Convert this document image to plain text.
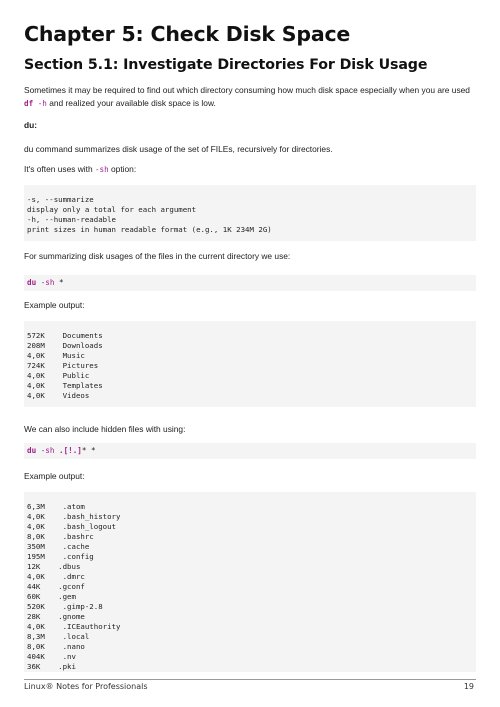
Chapter 5: Check Disk Space
Section 5.1: Investigate Directories For Disk Usage
Sometimes it may be required to find out which directory consuming how much disk space especially when you are used df -h and realized your available disk space is low.
du:
du command summarizes disk usage of the set of FILEs, recursively for directories.
It's often uses with -sh option:
-s, --summarize
display only a total for each argument
-h, --human-readable
print sizes in human readable format (e.g., 1K 234M 2G)
For summarizing disk usages of the files in the current directory we use:
du -sh *
Example output:
572K    Documents
208M    Downloads
4,0K    Music
724K    Pictures
4,0K    Public
4,0K    Templates
4,0K    Videos
We can also include hidden files with using:
du -sh .[!.]* *
Example output:
6,3M    .atom
4,0K    .bash_history
4,0K    .bash_logout
8,0K    .bashrc
350M    .cache
195M    .config
12K    .dbus
4,0K    .dmrc
44K    .gconf
60K    .gem
520K    .gimp-2.8
28K    .gnome
4,0K    .ICEauthority
8,3M    .local
8,0K    .nano
404K    .nv
36K    .pki
Linux® Notes for Professionals	19
